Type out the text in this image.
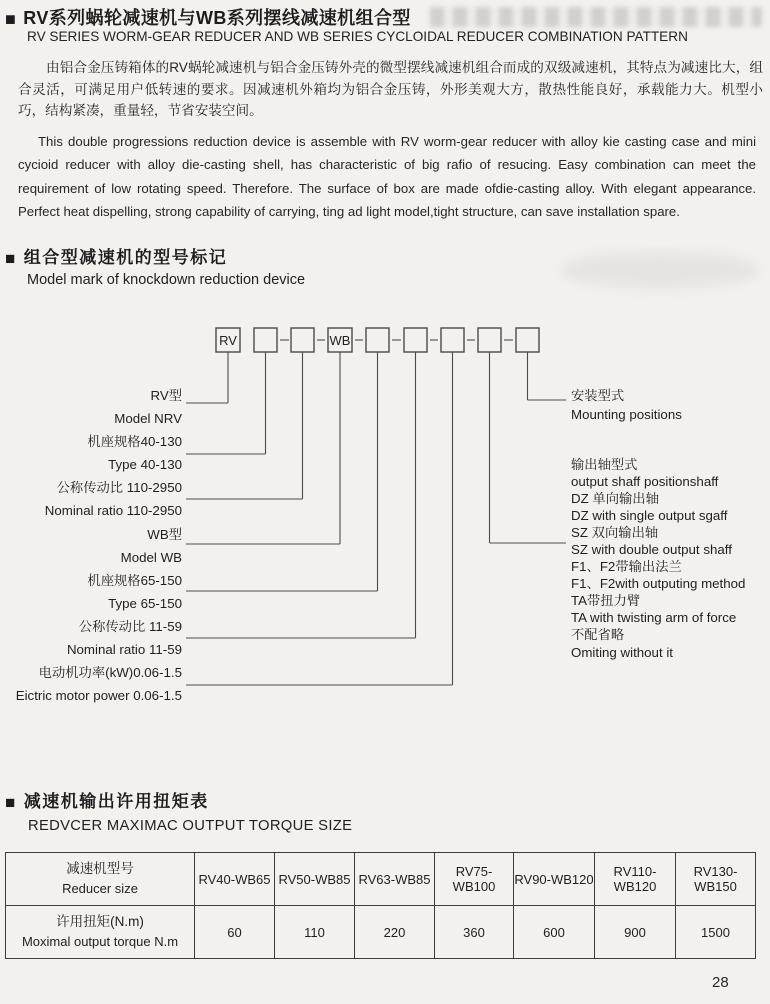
■ RV系列蜗轮减速机与WB系列摆线减速机组合型
RV SERIES WORM-GEAR REDUCER AND WB SERIES CYCLOIDAL REDUCER COMBINATION PATTERN
由铝合金压铸箱体的RV蜗轮减速机与铝合金压铸外壳的微型摆线减速机组合而成的双级减速机，其特点为减速比大，组合灵活，可满足用户低转速的要求。因减速机外箱均为铝合金压铸，外形美观大方，散热性能良好，承载能力大。机型小巧，结构紧凑，重量轻，节省安装空间。
This double progressions reduction device is assemble with RV worm-gear reducer with alloy kie casting case and mini cycioid reducer with alloy die-casting shell, has characteristic of big rafio of resucing. Easy combination can meet the requirement of low rotating speed. Therefore. The surface of box are made ofdie-casting alloy. With elegant appearance. Perfect heat dispelling, strong capability of carrying, ting ad light model,tight structure, can save installation spare.
■ 组合型减速机的型号标记
Model mark of knockdown reduction device
RV	WB
RV型
Model NRV
机座规格40-130
Type 40-130
公称传动比 110-2950
Nominal ratio 110-2950
WB型
Model WB
机座规格65-150
Type 65-150
公称传动比 11-59
Nominal ratio 11-59
电动机功率(kW)0.06-1.5
Eictric motor power 0.06-1.5
安装型式
Mounting positions
输出轴型式
output shaff positionshaff
DZ 单向输出轴
DZ with single output sgaff
SZ 双向输出轴
SZ with double output shaff
F1、F2带输出法兰
F1、F2with outputing method
TA带扭力臂
TA with twisting arm of force
不配省略
Omiting without it
■ 减速机输出许用扭矩表
REDVCER MAXIMAC OUTPUT TORQUE SIZE
减速机型号
Reducer size	RV40-WB65	RV50-WB85	RV63-WB85	RV75-WB100	RV90-WB120	RV110-WB120	RV130-WB150

许用扭矩(N.m)
Moximal output torque N.m	60	110	220	360	600	900	1500
28
